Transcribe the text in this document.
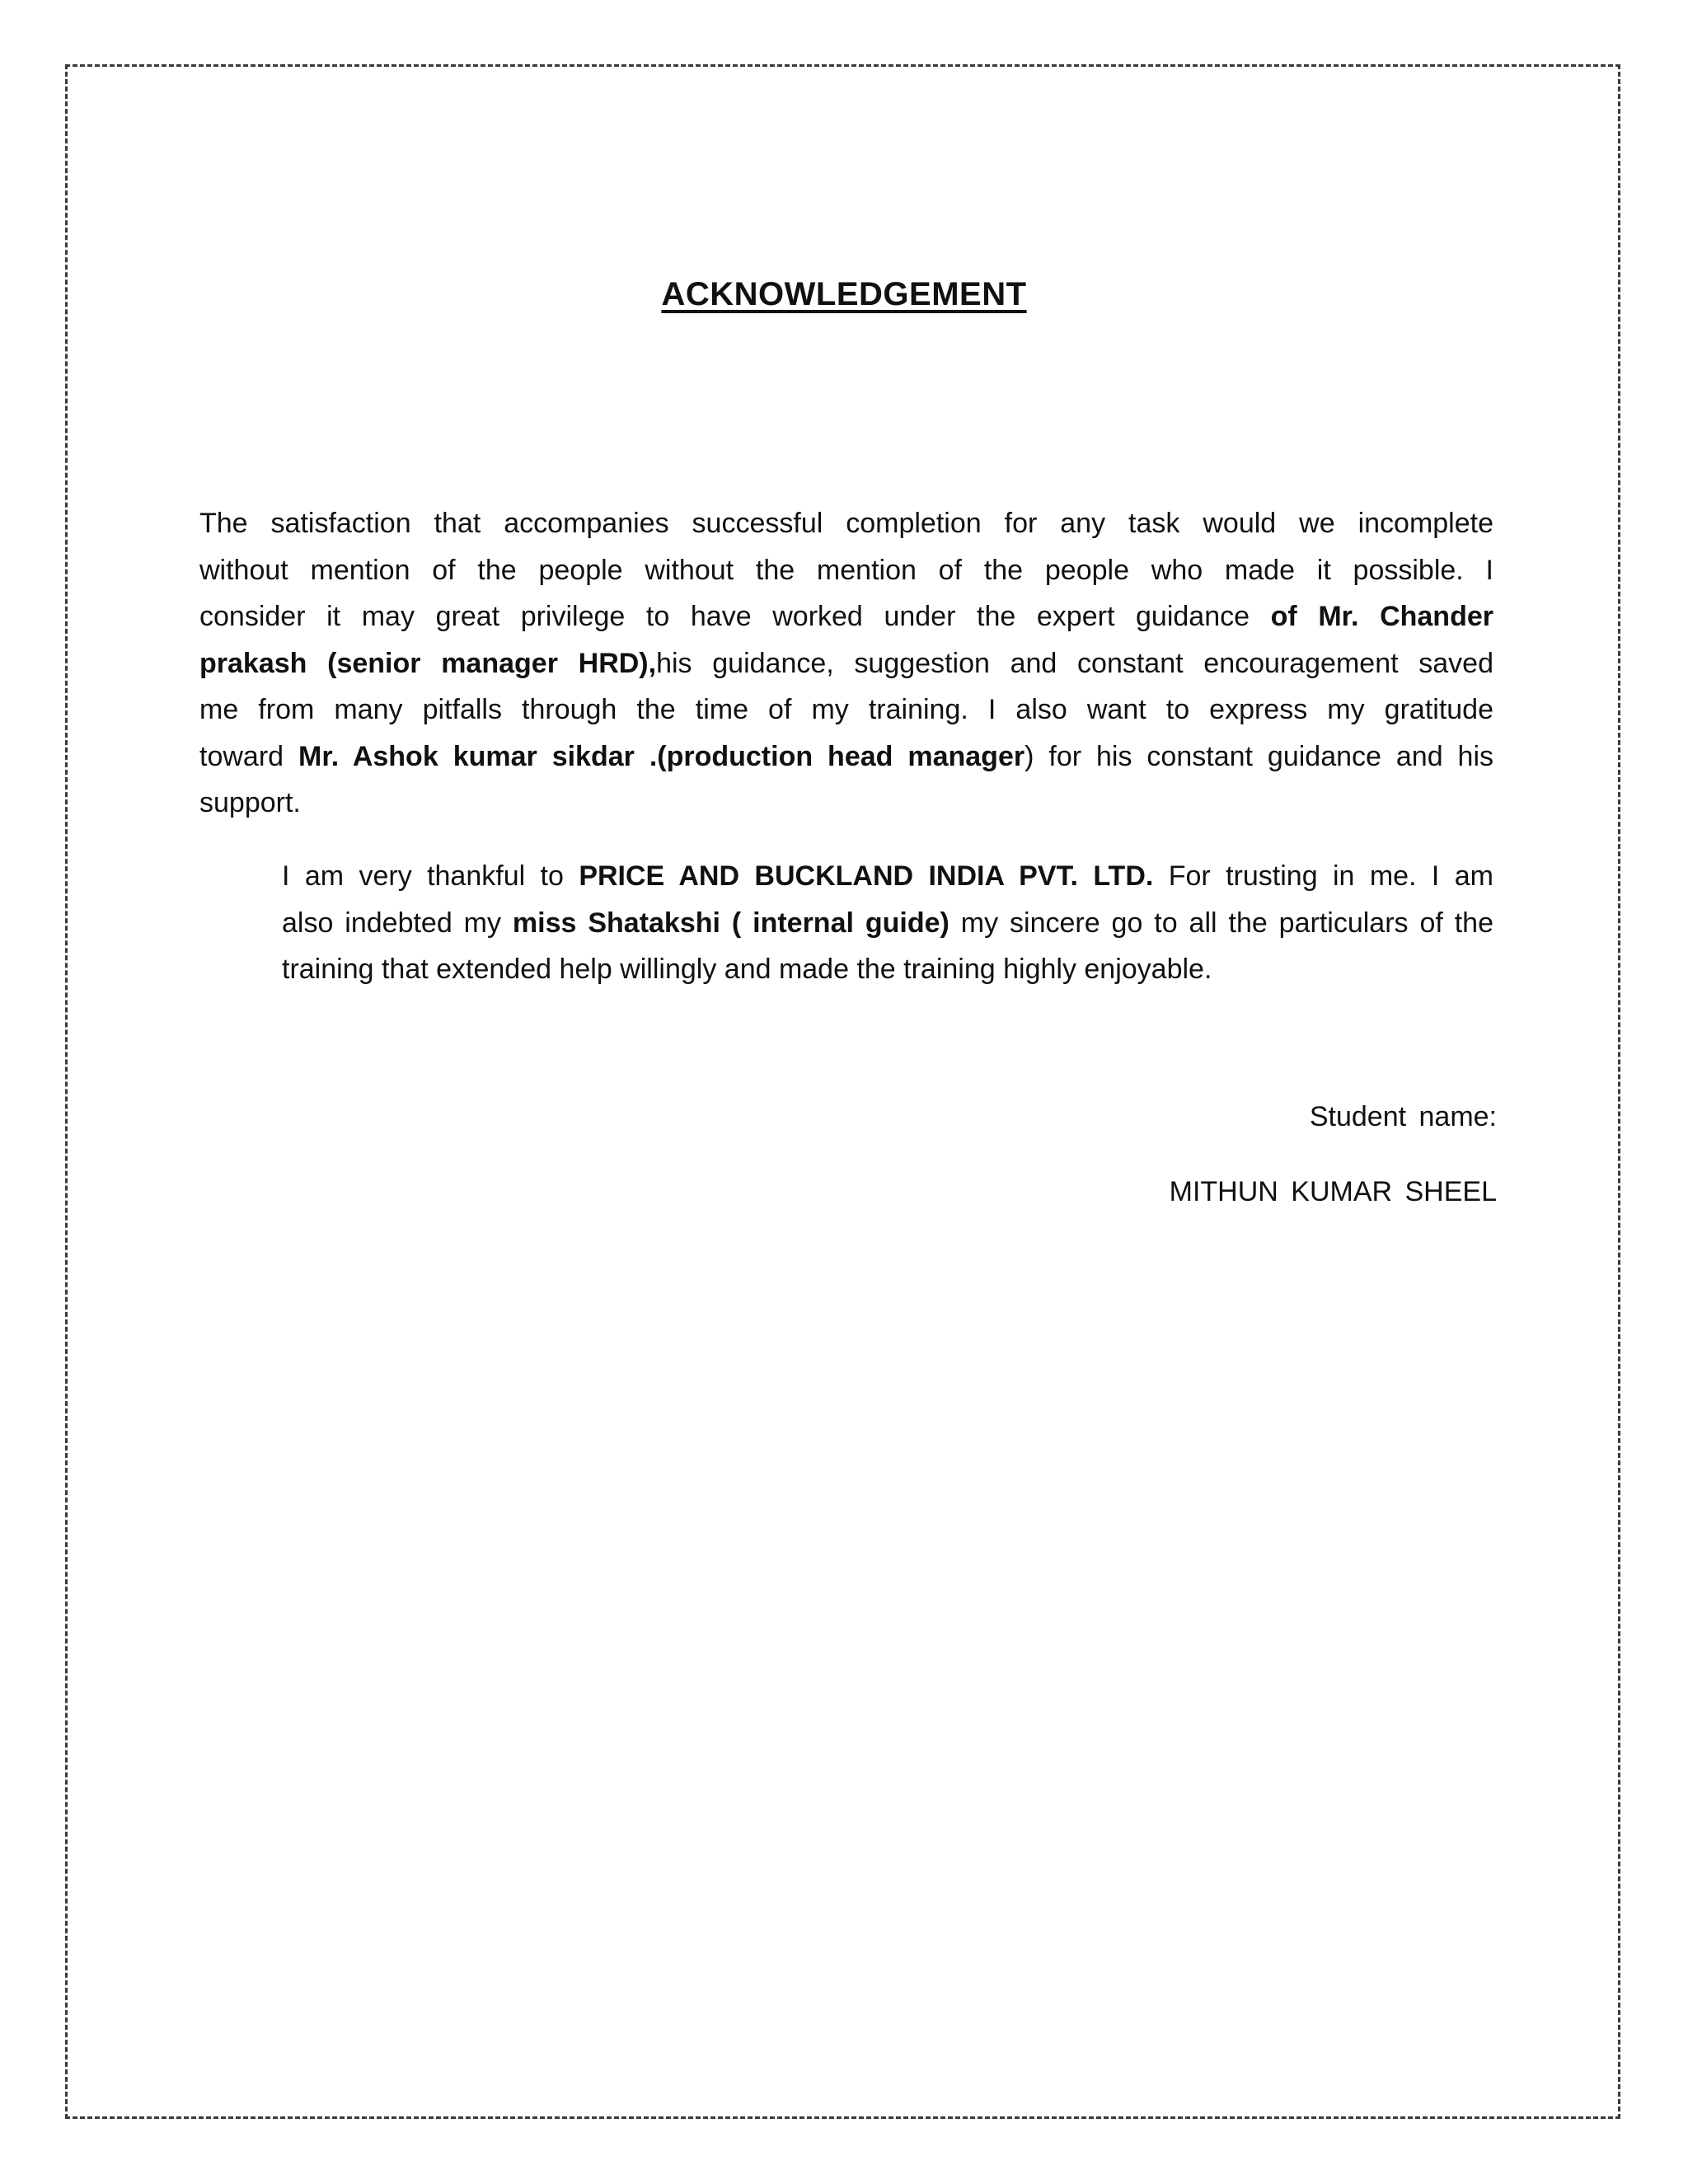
ACKNOWLEDGEMENT

The satisfaction that accompanies successful completion for any task would we incomplete
without mention of the people without the mention of the people who made it possible. I
consider it may great privilege to have worked under the expert guidance of Mr. Chander
prakash (senior manager HRD),his guidance, suggestion and constant encouragement saved
me from many pitfalls through the time of my training. I also want to express my gratitude
toward Mr. Ashok kumar sikdar .(production head manager) for his constant guidance and his
support.

I am very thankful to PRICE AND BUCKLAND INDIA PVT. LTD. For trusting in me. I am
also indebted my miss Shatakshi ( internal guide) my sincere go to all the particulars of the
training that extended help willingly and made the training highly enjoyable.

Student name:
MITHUN KUMAR SHEEL
